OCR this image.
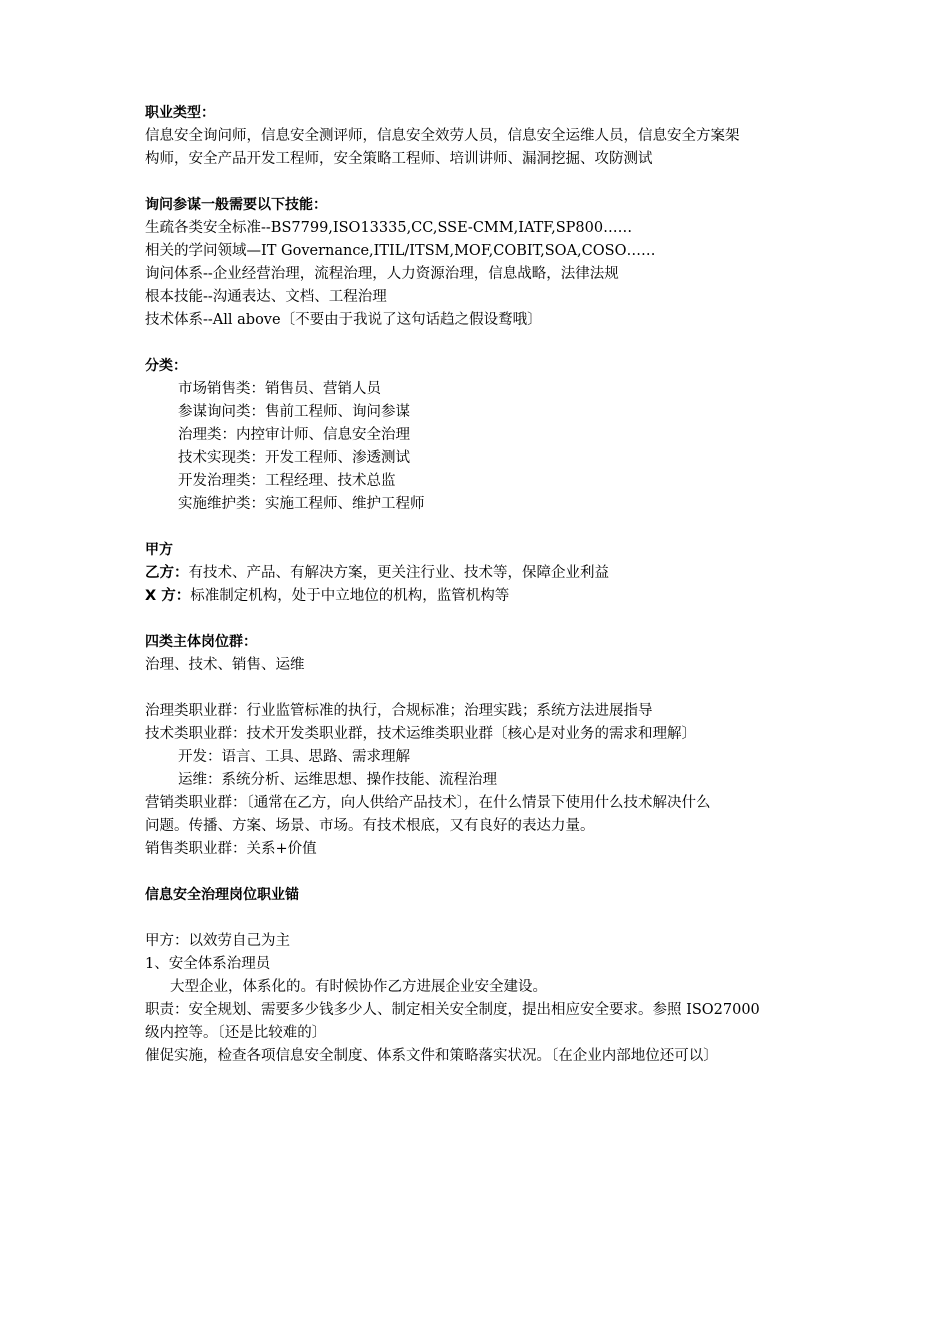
职业类型：

信息安全询问师，信息安全测评师，信息安全效劳人员，信息安全运维人员，信息安全方案架

构师，安全产品开发工程师，安全策略工程师、培训讲师、漏洞挖掘、攻防测试

询问参谋一般需要以下技能：

生疏各类安全标准--BS7799,ISO13335,CC,SSE-CMM,IATF,SP800……

相关的学问领域—IT Governance,ITIL/ITSM,MOF,COBIT,SOA,COSO……

询问体系--企业经营治理，流程治理，人力资源治理，信息战略，法律法规

根本技能--沟通表达、文档、工程治理

技术体系--All above〔不要由于我说了这句话趋之假设鹜哦〕

分类：

市场销售类：销售员、营销人员

参谋询问类：售前工程师、询问参谋

治理类：内控审计师、信息安全治理

技术实现类：开发工程师、渗透测试

开发治理类：工程经理、技术总监

实施维护类：实施工程师、维护工程师

甲方

乙方：有技术、产品、有解决方案，更关注行业、技术等，保障企业利益

X 方：标准制定机构，处于中立地位的机构，监管机构等

四类主体岗位群：

治理、技术、销售、运维

治理类职业群：行业监管标准的执行，合规标准；治理实践；系统方法进展指导

技术类职业群：技术开发类职业群，技术运维类职业群〔核心是对业务的需求和理解〕

开发：语言、工具、思路、需求理解

运维：系统分析、运维思想、操作技能、流程治理

营销类职业群：〔通常在乙方，向人供给产品技术〕，在什么情景下使用什么技术解决什么

问题。传播、方案、场景、市场。有技术根底，又有良好的表达力量。

销售类职业群：关系+价值

信息安全治理岗位职业锚

甲方：以效劳自己为主

1、安全体系治理员

大型企业，体系化的。有时候协作乙方进展企业安全建设。

职责：安全规划、需要多少钱多少人、制定相关安全制度，提出相应安全要求。参照 ISO27000

级内控等。〔还是比较难的〕

催促实施，检查各项信息安全制度、体系文件和策略落实状况。〔在企业内部地位还可以〕
